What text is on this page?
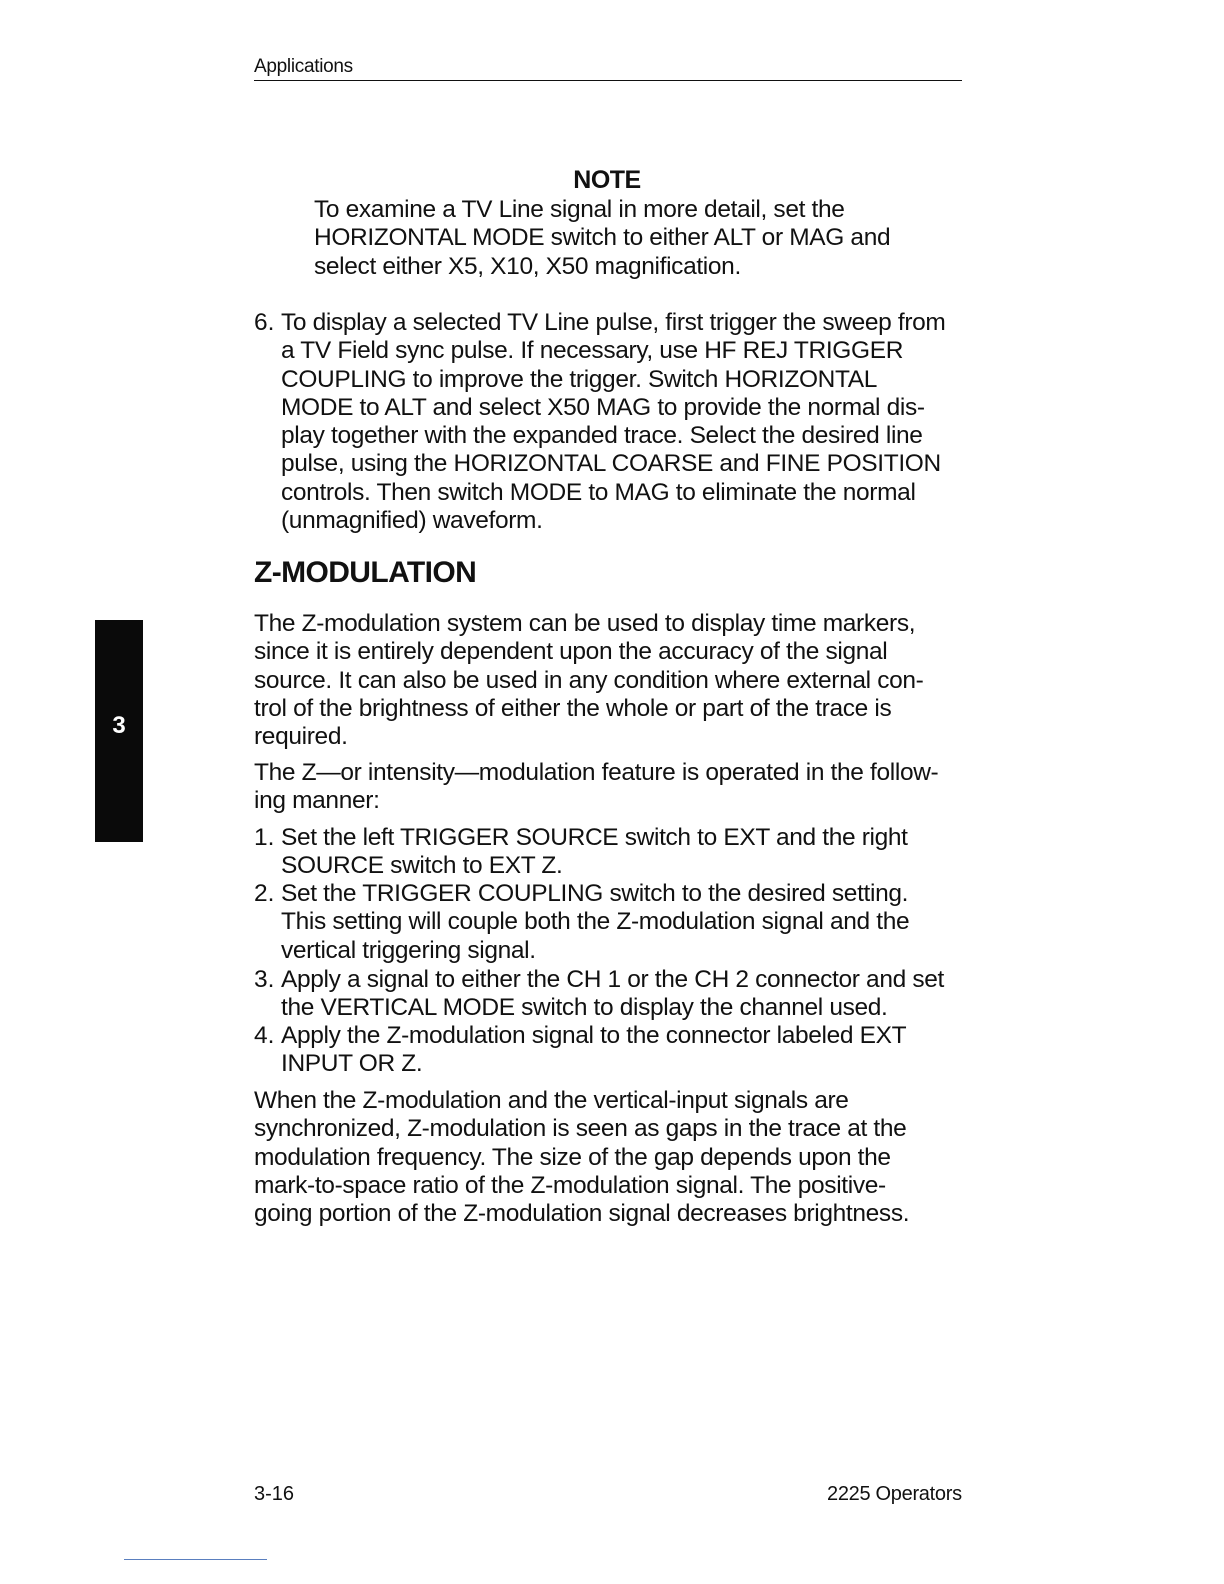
Applications
NOTE
To examine a TV Line signal in more detail, set the
HORIZONTAL MODE switch to either ALT or MAG and
select either X5, X10, X50 magnification.
6. To display a selected TV Line pulse, first trigger the sweep from
a TV Field sync pulse. If necessary, use HF REJ TRIGGER
COUPLING to improve the trigger. Switch HORIZONTAL
MODE to ALT and select X50 MAG to provide the normal dis-
play together with the expanded trace. Select the desired line
pulse, using the HORIZONTAL COARSE and FINE POSITION
controls. Then switch MODE to MAG to eliminate the normal
(unmagnified) waveform.
Z-MODULATION
The Z-modulation system can be used to display time markers,
since it is entirely dependent upon the accuracy of the signal
source. It can also be used in any condition where external con-
trol of the brightness of either the whole or part of the trace is
required.
The Z—or intensity—modulation feature is operated in the follow-
ing manner:
1. Set the left TRIGGER SOURCE switch to EXT and the right
SOURCE switch to EXT Z.
2. Set the TRIGGER COUPLING switch to the desired setting.
This setting will couple both the Z-modulation signal and the
vertical triggering signal.
3. Apply a signal to either the CH 1 or the CH 2 connector and set
the VERTICAL MODE switch to display the channel used.
4. Apply the Z-modulation signal to the connector labeled EXT
INPUT OR Z.
When the Z-modulation and the vertical-input signals are
synchronized, Z-modulation is seen as gaps in the trace at the
modulation frequency. The size of the gap depends upon the
mark-to-space ratio of the Z-modulation signal. The positive-
going portion of the Z-modulation signal decreases brightness.
3
3-16	2225 Operators
